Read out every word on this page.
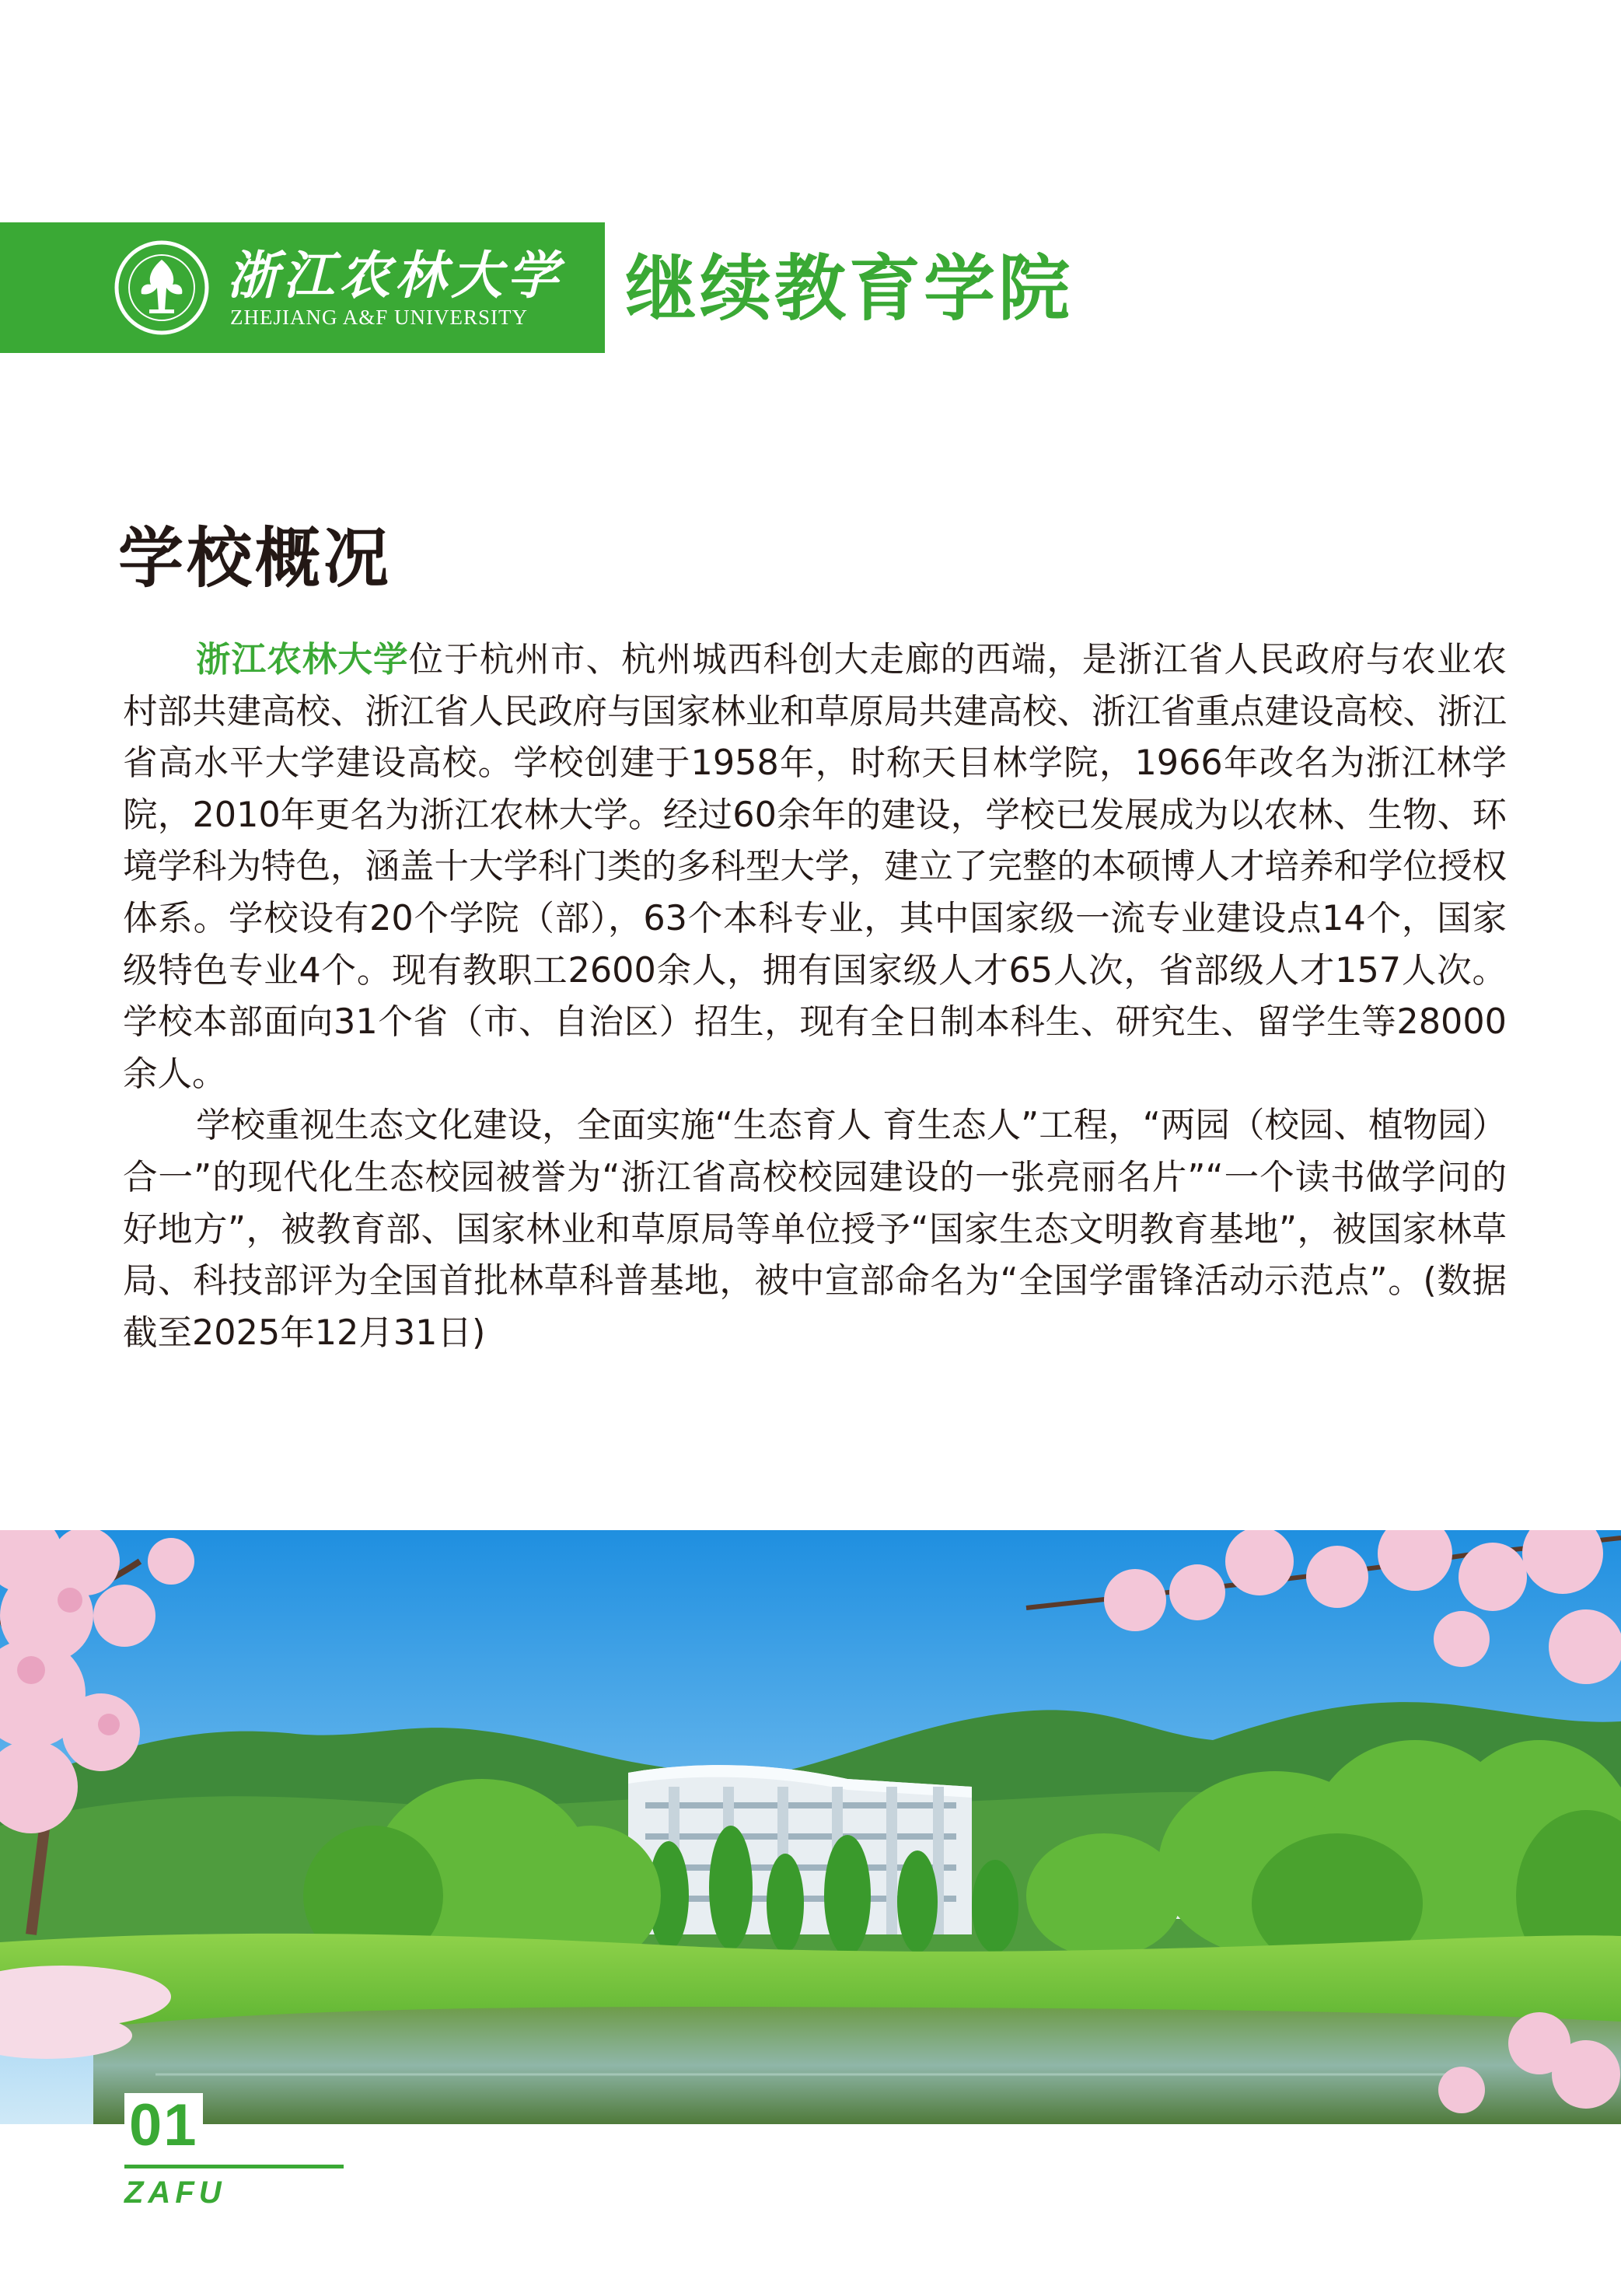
浙江农林大学
ZHEJIANG A&F UNIVERSITY	继续教育学院
学校概况

浙江农林大学位于杭州市、杭州城西科创大走廊的西端，是浙江省人民政府与农业农村部共建高校、浙江省人民政府与国家林业和草原局共建高校、浙江省重点建设高校、浙江省高水平大学建设高校。学校创建于1958年，时称天目林学院，1966年改名为浙江林学院，2010年更名为浙江农林大学。经过60余年的建设，学校已发展成为以农林、生物、环境学科为特色，涵盖十大学科门类的多科型大学，建立了完整的本硕博人才培养和学位授权体系。学校设有20个学院（部），63个本科专业，其中国家级一流专业建设点14个，国家级特色专业4个。现有教职工2600余人，拥有国家级人才65人次，省部级人才157人次。学校本部面向31个省（市、自治区）招生，现有全日制本科生、研究生、留学生等28000余人。

学校重视生态文化建设，全面实施“生态育人 育生态人”工程，“两园（校园、植物园）合一”的现代化生态校园被誉为“浙江省高校校园建设的一张亮丽名片”“一个读书做学问的好地方”，被教育部、国家林业和草原局等单位授予“国家生态文明教育基地”，被国家林草局、科技部评为全国首批林草科普基地，被中宣部命名为“全国学雷锋活动示范点”。(数据截至2025年12月31日)

01
ZAFU
